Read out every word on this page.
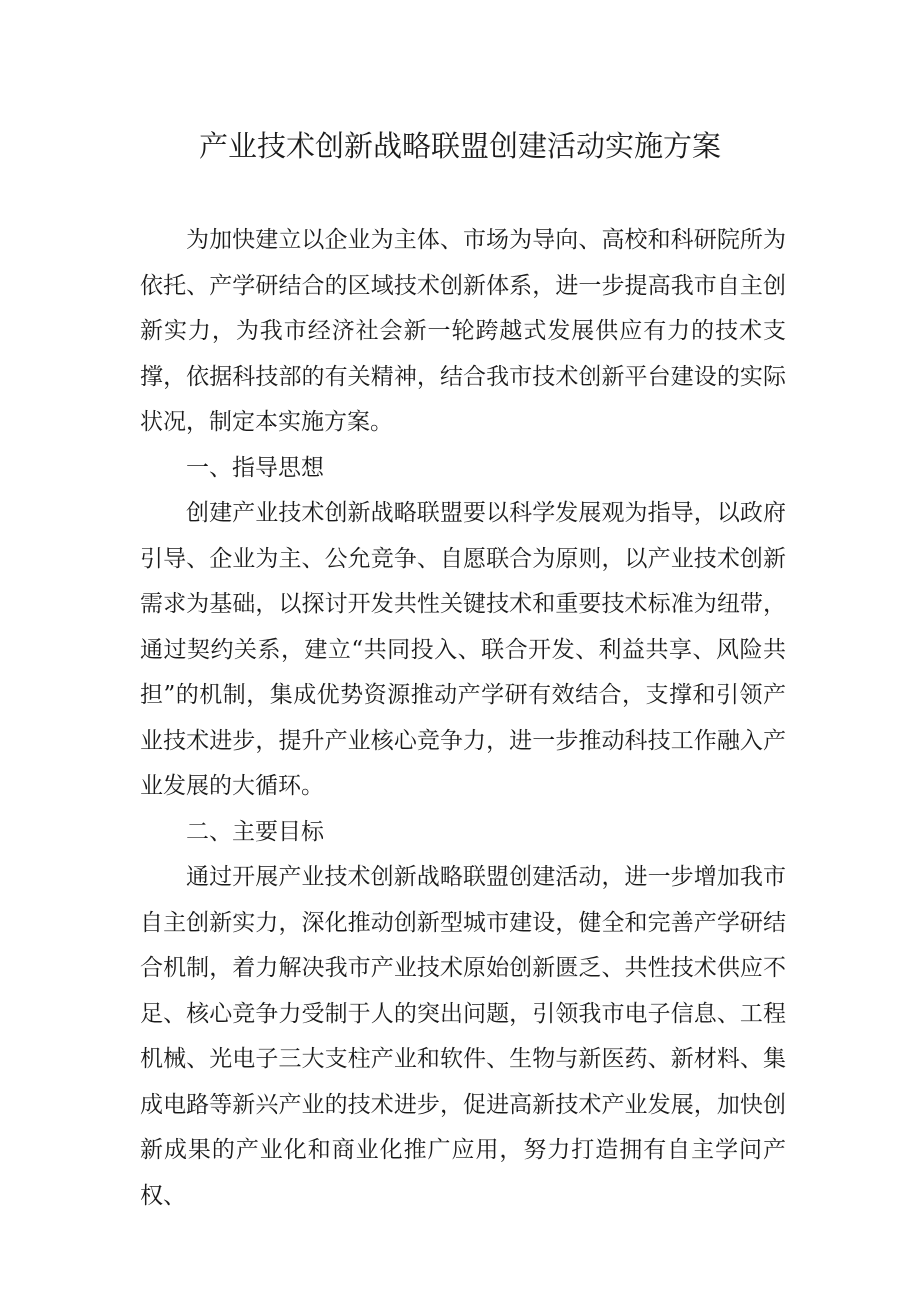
产业技术创新战略联盟创建活动实施方案

为加快建立以企业为主体、市场为导向、高校和科研院所为依托、产学研结合的区域技术创新体系，进一步提高我市自主创新实力，为我市经济社会新一轮跨越式发展供应有力的技术支撑，依据科技部的有关精神，结合我市技术创新平台建设的实际状况，制定本实施方案。

一、指导思想

创建产业技术创新战略联盟要以科学发展观为指导，以政府引导、企业为主、公允竞争、自愿联合为原则，以产业技术创新需求为基础，以探讨开发共性关键技术和重要技术标准为纽带，通过契约关系，建立“共同投入、联合开发、利益共享、风险共担”的机制，集成优势资源推动产学研有效结合，支撑和引领产业技术进步，提升产业核心竞争力，进一步推动科技工作融入产业发展的大循环。

二、主要目标

通过开展产业技术创新战略联盟创建活动，进一步增加我市自主创新实力，深化推动创新型城市建设，健全和完善产学研结合机制，着力解决我市产业技术原始创新匮乏、共性技术供应不足、核心竞争力受制于人的突出问题，引领我市电子信息、工程机械、光电子三大支柱产业和软件、生物与新医药、新材料、集成电路等新兴产业的技术进步，促进高新技术产业发展，加快创新成果的产业化和商业化推广应用，努力打造拥有自主学问产权、
